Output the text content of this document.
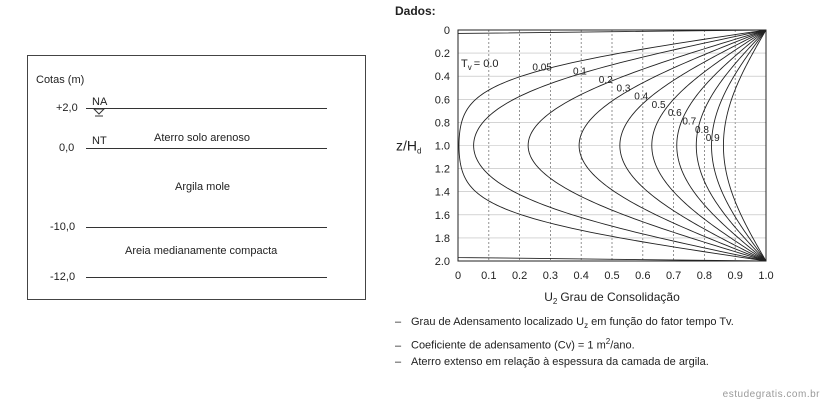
Cotas (m)
+2,0 NA
0,0
NT	Aterro solo arenoso
Argila mole
-10,0
Areia medianamente compacta
-12,0
Dados:
0 0.1 0.2 0.3 0.4 0.5 0.6 0.7 0.8 0.9 1.0
0
0.2
0.4
0.6
0.8
1.0
1.2
1.4
1.6
1.8
2.0
0.05 0.1
0.2
0.3
0.4
0.5
0.6
0.7
0.8
0.9
$z/H_d$
$U_2$ Grau de Consolidação
$T_v = 0.0$
– Grau de Adensamento localizado $U_z$ em função do fator tempo Tv.
– Coeficiente de adensamento (Cv) = 1 $m^2$/ano.
– Aterro extenso em relação à espessura da camada de argila.
estudegratis.com.br
